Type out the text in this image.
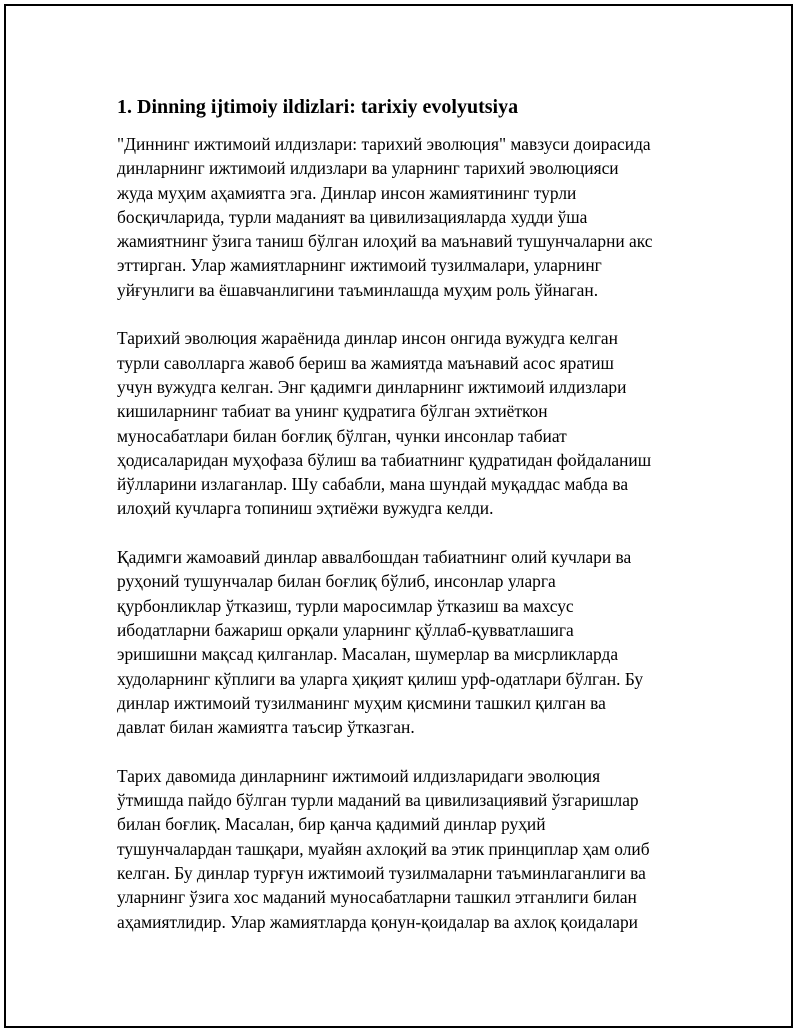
1. Dinning ijtimoiy ildizlari: tarixiy evolyutsiya
"Диннинг ижтимоий илдизлари: тарихий эволюция" мавзуси доирасида
динларнинг ижтимоий илдизлари ва уларнинг тарихий эволюцияси
жуда муҳим аҳамиятга эга. Динлар инсон жамиятининг турли
босқичларида, турли маданият ва цивилизацияларда худди ўша
жамиятнинг ўзига таниш бўлган илоҳий ва маънавий тушунчаларни акс
эттирган. Улар жамиятларнинг ижтимоий тузилмалари, уларнинг
уйғунлиги ва ёшавчанлигини таъминлашда муҳим роль ўйнаган.
Тарихий эволюция жараёнида динлар инсон онгида вужудга келган
турли саволларга жавоб бериш ва жамиятда маънавий асос яратиш
учун вужудга келган. Энг қадимги динларнинг ижтимоий илдизлари
кишиларнинг табиат ва унинг қудратига бўлган эхтиёткон
муносабатлари билан боғлиқ бўлган, чунки инсонлар табиат
ҳодисаларидан муҳофаза бўлиш ва табиатнинг қудратидан фойдаланиш
йўлларини излаганлар. Шу сабабли, мана шундай муқаддас мабда ва
илоҳий кучларга топиниш эҳтиёжи вужудга келди.
Қадимги жамоавий динлар аввалбошдан табиатнинг олий кучлари ва
руҳоний тушунчалар билан боғлиқ бўлиб, инсонлар уларга
қурбонликлар ўтказиш, турли маросимлар ўтказиш ва махсус
ибодатларни бажариш орқали уларнинг қўллаб-қувватлашига
эришишни мақсад қилганлар. Масалан, шумерлар ва мисрликларда
худоларнинг кўплиги ва уларга ҳиқият қилиш урф-одатлари бўлган. Бу
динлар ижтимоий тузилманинг муҳим қисмини ташкил қилган ва
давлат билан жамиятга таъсир ўтказган.
Тарих давомида динларнинг ижтимоий илдизларидаги эволюция
ўтмишда пайдо бўлган турли маданий ва цивилизациявий ўзгаришлар
билан боғлиқ. Масалан, бир қанча қадимий динлар руҳий
тушунчалардан ташқари, муайян ахлоқий ва этик принциплар ҳам олиб
келган. Бу динлар турғун ижтимоий тузилмаларни таъминлаганлиги ва
уларнинг ўзига хос маданий муносабатларни ташкил этганлиги билан
аҳамиятлидир. Улар жамиятларда қонун-қоидалар ва ахлоқ қоидалари
